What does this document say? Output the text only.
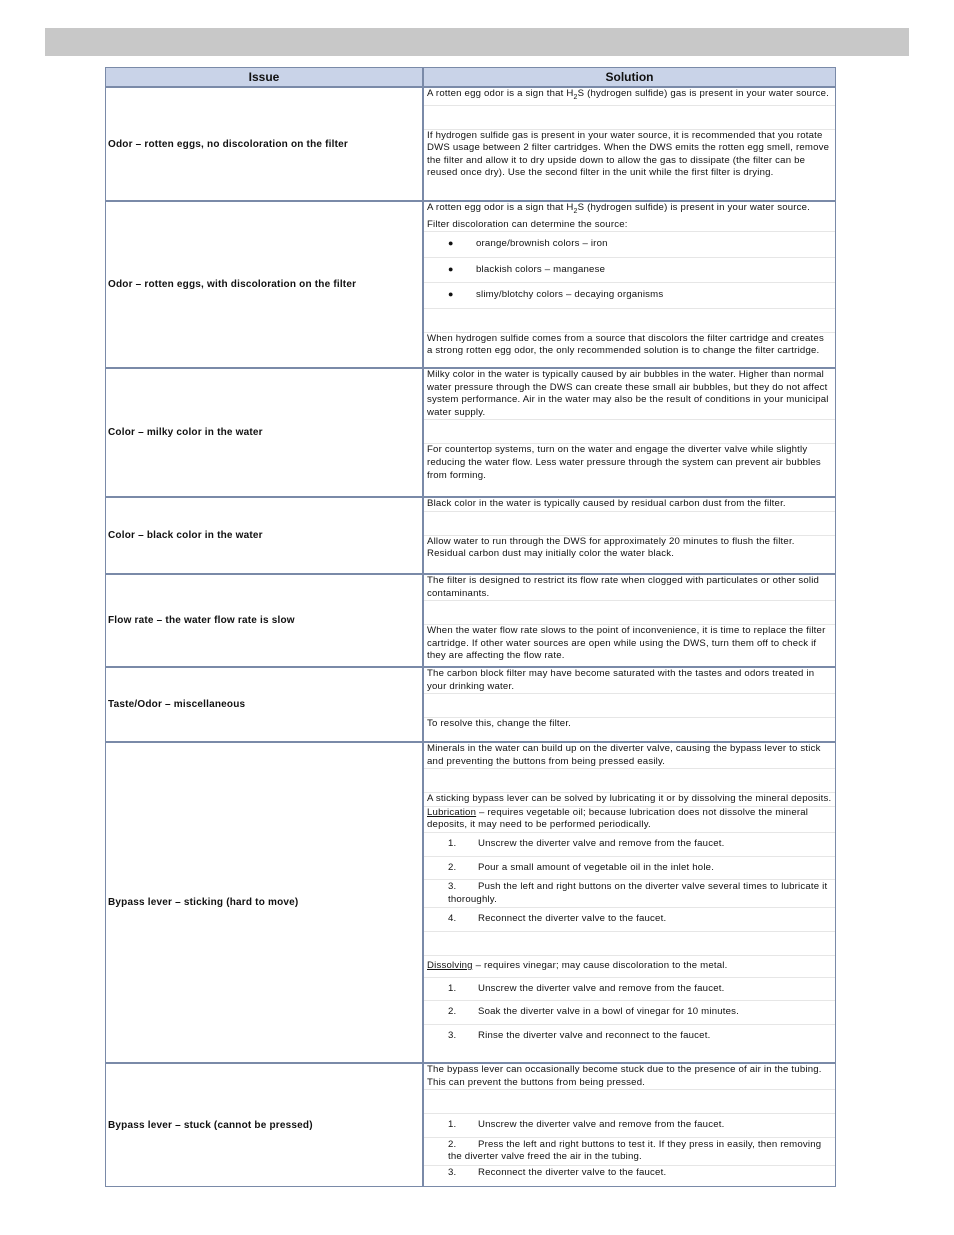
Issue	Solution
Odor – rotten eggs, no discoloration on the filter
A rotten egg odor is a sign that $H_2S$ (hydrogen sulfide) gas is present in your water source.
If hydrogen sulfide gas is present in your water source, it is recommended that you rotate DWS usage between 2 filter cartridges. When the DWS emits the rotten egg smell, remove the filter and allow it to dry upside down to allow the gas to dissipate (the filter can be reused once dry). Use the second filter in the unit while the first filter is drying.
Odor – rotten eggs, with discoloration on the filter
A rotten egg odor is a sign that $H_2S$ (hydrogen sulfide) is present in your water source. Filter discoloration can determine the source:
● orange/brownish colors – iron
● blackish colors – manganese
● slimy/blotchy colors – decaying organisms
When hydrogen sulfide comes from a source that discolors the filter cartridge and creates a strong rotten egg odor, the only recommended solution is to change the filter cartridge.
Color – milky color in the water
Milky color in the water is typically caused by air bubbles in the water. Higher than normal water pressure through the DWS can create these small air bubbles, but they do not affect system performance. Air in the water may also be the result of conditions in your municipal water supply.
For countertop systems, turn on the water and engage the diverter valve while slightly reducing the water flow. Less water pressure through the system can prevent air bubbles from forming.
Color – black color in the water
Black color in the water is typically caused by residual carbon dust from the filter.
Allow water to run through the DWS for approximately 20 minutes to flush the filter. Residual carbon dust may initially color the water black.
Flow rate – the water flow rate is slow
The filter is designed to restrict its flow rate when clogged with particulates or other solid contaminants.
When the water flow rate slows to the point of inconvenience, it is time to replace the filter cartridge. If other water sources are open while using the DWS, turn them off to check if they are affecting the flow rate.
Taste/Odor – miscellaneous
The carbon block filter may have become saturated with the tastes and odors treated in your drinking water.
To resolve this, change the filter.
Bypass lever – sticking (hard to move)
Minerals in the water can build up on the diverter valve, causing the bypass lever to stick and preventing the buttons from being pressed easily.
A sticking bypass lever can be solved by lubricating it or by dissolving the mineral deposits.
Lubrication – requires vegetable oil; because lubrication does not dissolve the mineral deposits, it may need to be performed periodically.
1. Unscrew the diverter valve and remove from the faucet.
2. Pour a small amount of vegetable oil in the inlet hole.
3. Push the left and right buttons on the diverter valve several times to lubricate it thoroughly.
4. Reconnect the diverter valve to the faucet.
Dissolving – requires vinegar; may cause discoloration to the metal.
1. Unscrew the diverter valve and remove from the faucet.
2. Soak the diverter valve in a bowl of vinegar for 10 minutes.
3. Rinse the diverter valve and reconnect to the faucet.
Bypass lever – stuck (cannot be pressed)
The bypass lever can occasionally become stuck due to the presence of air in the tubing. This can prevent the buttons from being pressed.
1. Unscrew the diverter valve and remove from the faucet.
2. Press the left and right buttons to test it. If they press in easily, then removing the diverter valve freed the air in the tubing.
3. Reconnect the diverter valve to the faucet.
